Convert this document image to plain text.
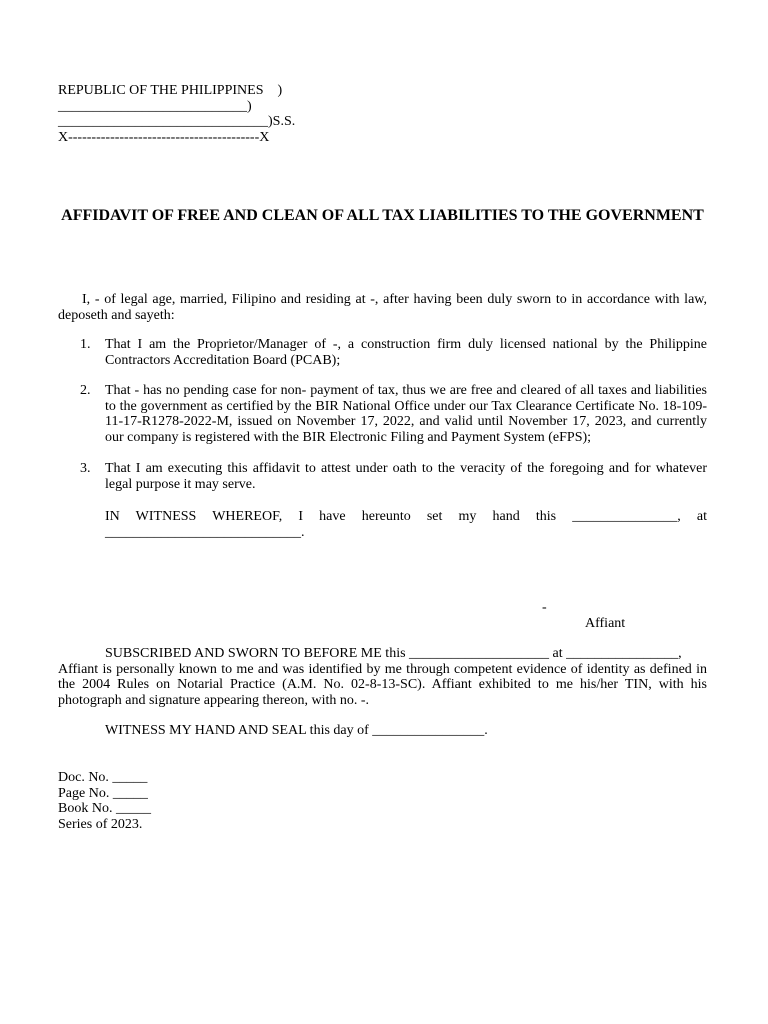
REPUBLIC OF THE PHILIPPINES    )
___________________________)
______________________________)S.S.
X-----------------------------------------X
AFFIDAVIT OF FREE AND CLEAN OF ALL TAX LIABILITIES TO THE GOVERNMENT
I, - of legal age, married, Filipino and residing at -, after having been duly sworn to in accordance with law, deposeth and sayeth:
1. That I am the Proprietor/Manager of -, a construction firm duly licensed national by the Philippine Contractors Accreditation Board (PCAB);
2. That - has no pending case for non- payment of tax, thus we are free and cleared of all taxes and liabilities to the government as certified by the BIR National Office under our Tax Clearance Certificate No. 18-109-11-17-R1278-2022-M, issued on November 17, 2022, and valid until November 17, 2023, and currently our company is registered with the BIR Electronic Filing and Payment System (eFPS);
3. That I am executing this affidavit to attest under oath to the veracity of the foregoing and for whatever legal purpose it may serve.
IN WITNESS WHEREOF, I have hereunto set my hand this _______________, at
____________________________.
-
Affiant
SUBSCRIBED AND SWORN TO BEFORE ME this ____________________ at ________________,
Affiant is personally known to me and was identified by me through competent evidence of identity as defined in the 2004 Rules on Notarial Practice (A.M. No. 02-8-13-SC). Affiant exhibited to me his/her TIN, with his photograph and signature appearing thereon, with no. -.
WITNESS MY HAND AND SEAL this day of ________________.
Doc. No. _____
Page No. _____
Book No. _____
Series of 2023.
